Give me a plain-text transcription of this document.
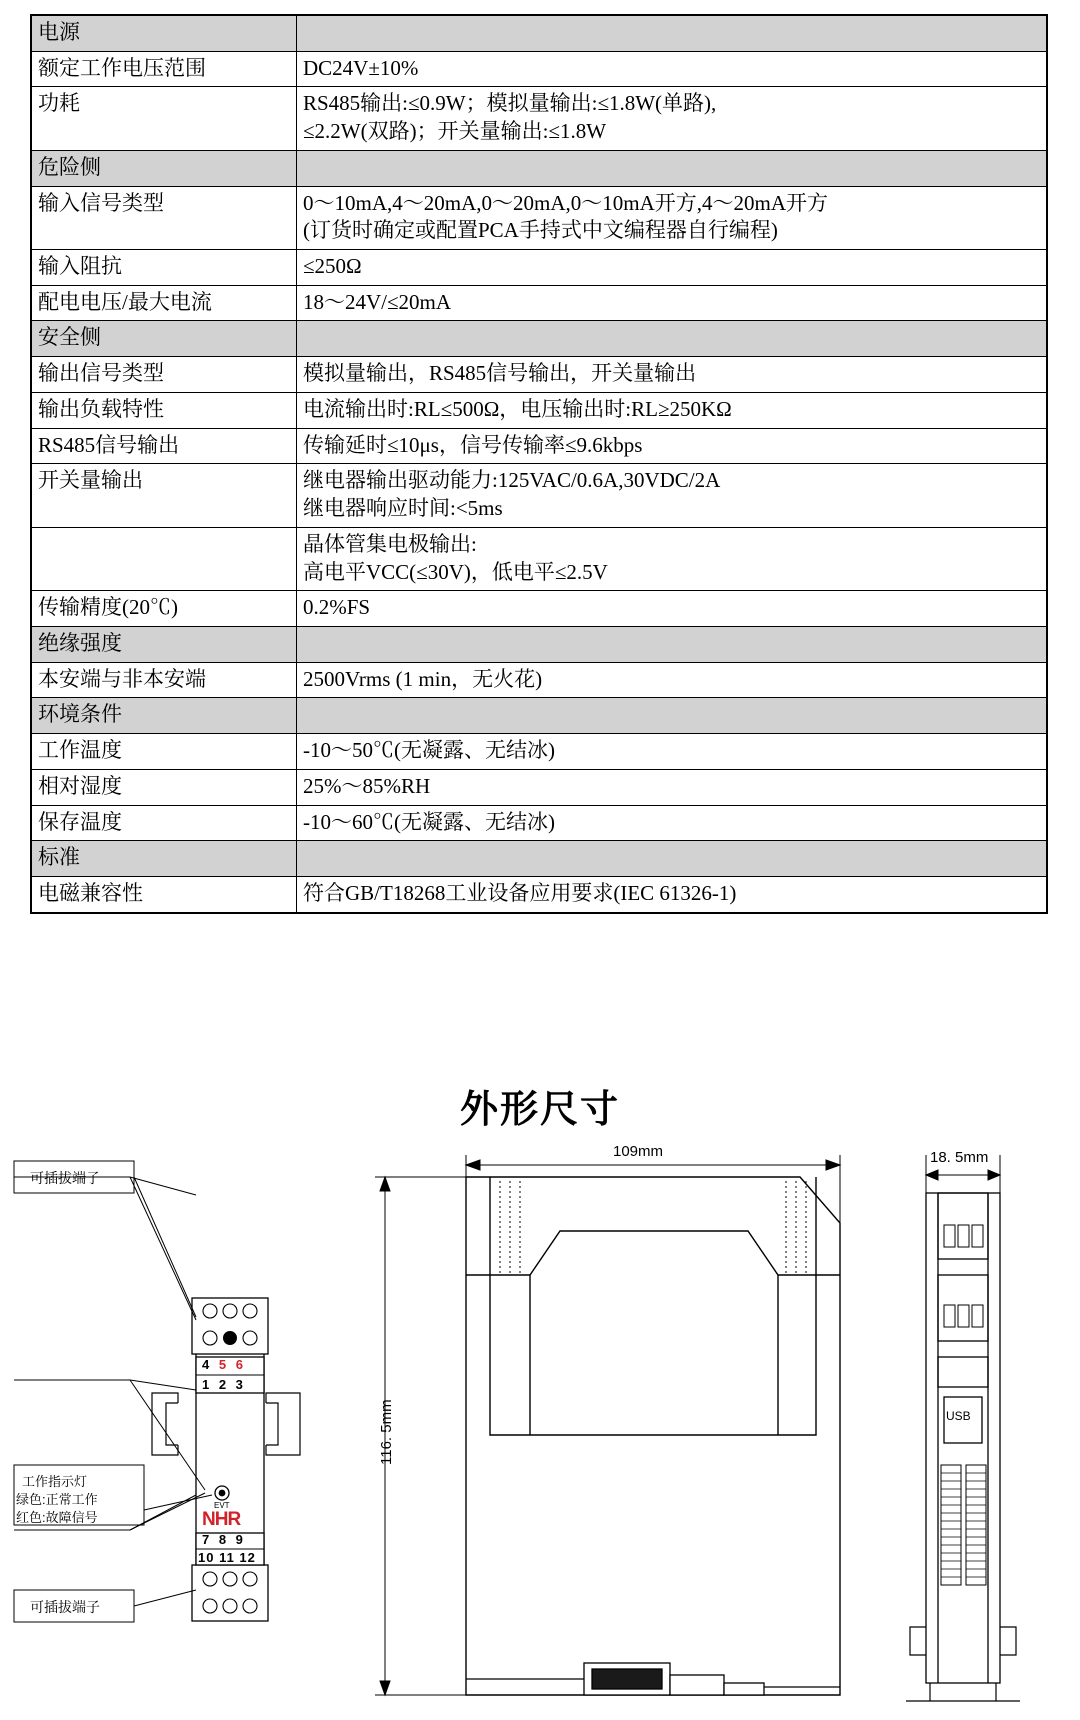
电源	
额定工作电压范围	DC24V±10%
功耗	RS485输出:≤0.9W；模拟量输出:≤1.8W(单路),
≤2.2W(双路)；开关量输出:≤1.8W
危险侧	
输入信号类型	0～10mA,4～20mA,0～20mA,0～10mA开方,4～20mA开方
(订货时确定或配置PCA手持式中文编程器自行编程)
输入阻抗	≤250Ω
配电电压/最大电流	18～24V/≤20mA
安全侧	
输出信号类型	模拟量输出，RS485信号输出，开关量输出
输出负载特性	电流输出时:RL≤500Ω，电压输出时:RL≥250KΩ
RS485信号输出	传输延时≤10μs，信号传输率≤9.6kbps
开关量输出	继电器输出驱动能力:125VAC/0.6A,30VDC/2A
继电器响应时间:<5ms
	晶体管集电极输出:
高电平VCC(≤30V)，低电平≤2.5V
传输精度(20℃)	0.2%FS
绝缘强度	
本安端与非本安端	2500Vrms (1 min，无火花)
环境条件	
工作温度	-10～50℃(无凝露、无结冰)
相对湿度	25%～85%RH
保存温度	-10～60℃(无凝露、无结冰)
标准	
电磁兼容性	符合GB/T18268工业设备应用要求(IEC 61326-1)
外形尺寸
可插拔端子
可插拔端子
工作指示灯
绿色:正常工作
红色:故障信号
4 5 6
1 2 3
7 8 9
10 11 12
EVT
NHR
109mm
116. 5mm
18. 5mm
USB
